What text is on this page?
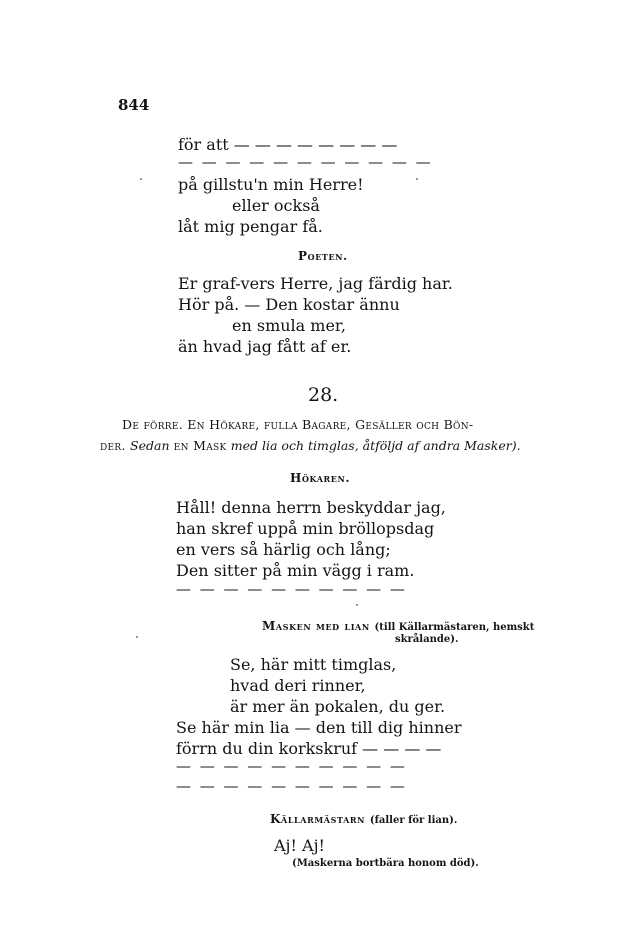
844
för att — — — — — — — —
— — — — — — — — — — —
på gillstu'n min Herre!
eller också
låt mig pengar få.
Poeten.
Er graf-vers Herre, jag färdig har.
Hör på. — Den kostar ännu
en smula mer,
än hvad jag fått af er.
28.
De förre. En Hökare, fulla Bagare, Gesäller och Bön-
der. Sedan en Mask med lia och timglas, åtföljd af andra Masker).
Hökaren.
Håll! denna herrn beskyddar jag,
han skref uppå min bröllopsdag
en vers så härlig och lång;
Den sitter på min vägg i ram.
— — — — — — — — — —
Masken med lian (till Källarmästaren, hemskt
skrålande).
Se, här mitt timglas,
hvad deri rinner,
är mer än pokalen, du ger.
Se här min lia — den till dig hinner
förrn du din korkskruf — — — —
— — — — — — — — — —
— — — — — — — — — —
Källarmästarn (faller för lian).
Aj! Aj!
(Maskerna bortbära honom död).
